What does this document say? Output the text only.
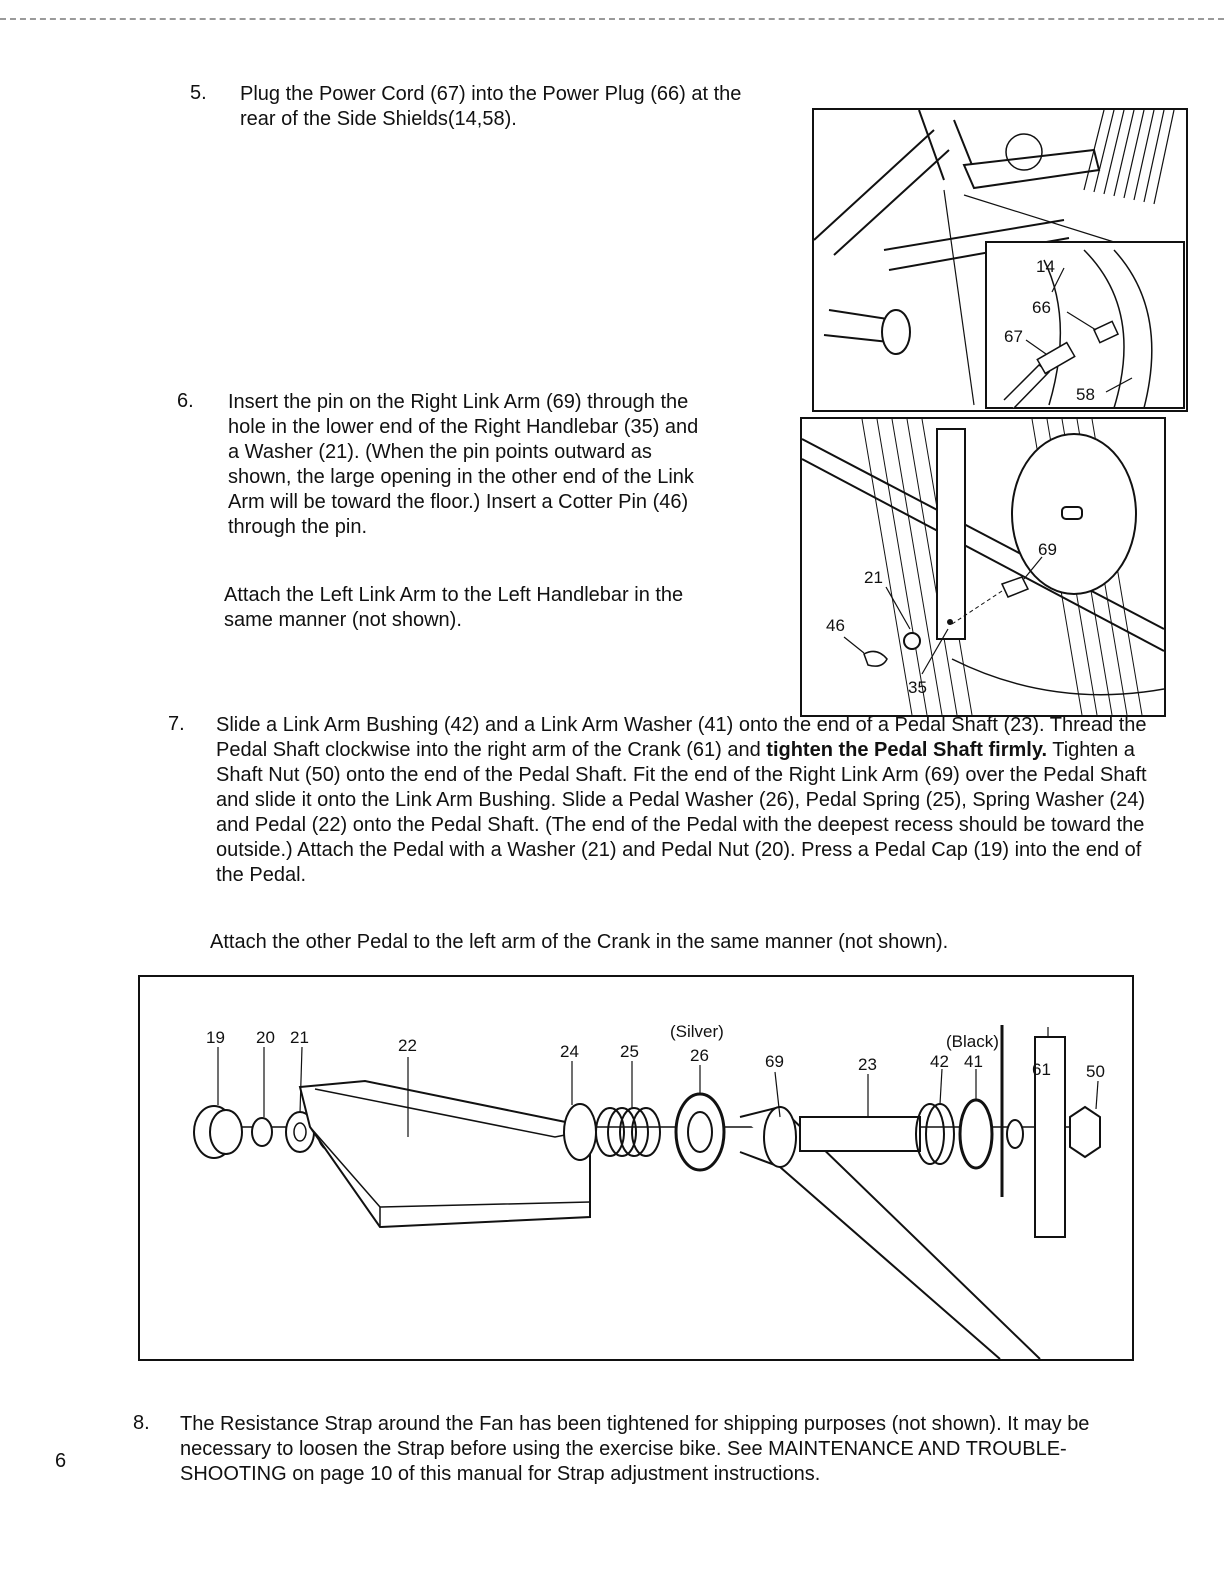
5. Plug the Power Cord (67) into the Power Plug (66) at the rear of the Side Shields(14,58).
14
66
67
58
6. Insert the pin on the Right Link Arm (69) through the hole in the lower end of the Right Handlebar (35) and a Washer (21). (When the pin points outward as shown, the large opening in the other end of the Link Arm will be toward the floor.) Insert a Cotter Pin (46) through the pin.
Attach the Left Link Arm to the Left Handlebar in the same manner (not shown).
69
21
46
35
7. Slide a Link Arm Bushing (42) and a Link Arm Washer (41) onto the end of a Pedal Shaft (23). Thread the Pedal Shaft clockwise into the right arm of the Crank (61) and tighten the Pedal Shaft firmly. Tighten a Shaft Nut (50) onto the end of the Pedal Shaft. Fit the end of the Right Link Arm (69) over the Pedal Shaft and slide it onto the Link Arm Bushing. Slide a Pedal Washer (26), Pedal Spring (25), Spring Washer (24) and Pedal (22) onto the Pedal Shaft. (The end of the Pedal with the deepest recess should be toward the outside.) Attach the Pedal with a Washer (21) and Pedal Nut (20). Press a Pedal Cap (19) into the end of the Pedal.
Attach the other Pedal to the left arm of the Crank in the same manner (not shown).
19 20 21	22	24 25
(Silver)
26	69	23
(Black)
42 41	61 50
8. The Resistance Strap around the Fan has been tightened for shipping purposes (not shown). It may be necessary to loosen the Strap before using the exercise bike. See MAINTENANCE AND TROUBLE-SHOOTING on page 10 of this manual for Strap adjustment instructions.
6
